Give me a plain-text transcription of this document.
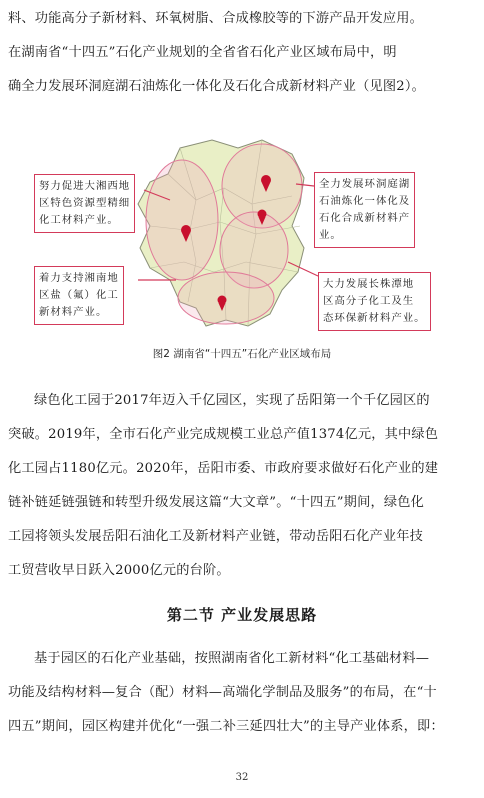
料、功能高分子新材料、环氧树脂、合成橡胶等的下游产品开发应用。
在湖南省“十四五”石化产业规划的全省省石化产业区域布局中，明
确全力发展环洞庭湖石油炼化一体化及石化合成新材料产业（见图2）。
努力促进大湘西地
区特色资源型精细
化工材料产业。
着力支持湘南地
区盐（氟）化工
新材料产业。
全力发展环洞庭湖
石油炼化一体化及
石化合成新材料产
业。
大力发展长株潭地
区高分子化工及生
态环保新材料产业。
图2 湖南省“十四五”石化产业区域布局
绿色化工园于2017年迈入千亿园区，实现了岳阳第一个千亿园区的
突破。2019年，全市石化产业完成规模工业总产值1374亿元，其中绿色
化工园占1180亿元。2020年，岳阳市委、市政府要求做好石化产业的建
链补链延链强链和转型升级发展这篇“大文章”。“十四五”期间，绿色化
工园将领头发展岳阳石油化工及新材料产业链，带动岳阳石化产业年技
工贸营收早日跃入2000亿元的台阶。
第二节 产业发展思路
基于园区的石化产业基础，按照湖南省化工新材料“化工基础材料—
功能及结构材料—复合（配）材料—高端化学制品及服务”的布局，在“十
四五”期间，园区构建并优化“一强二补三延四壮大”的主导产业体系，即：
32
